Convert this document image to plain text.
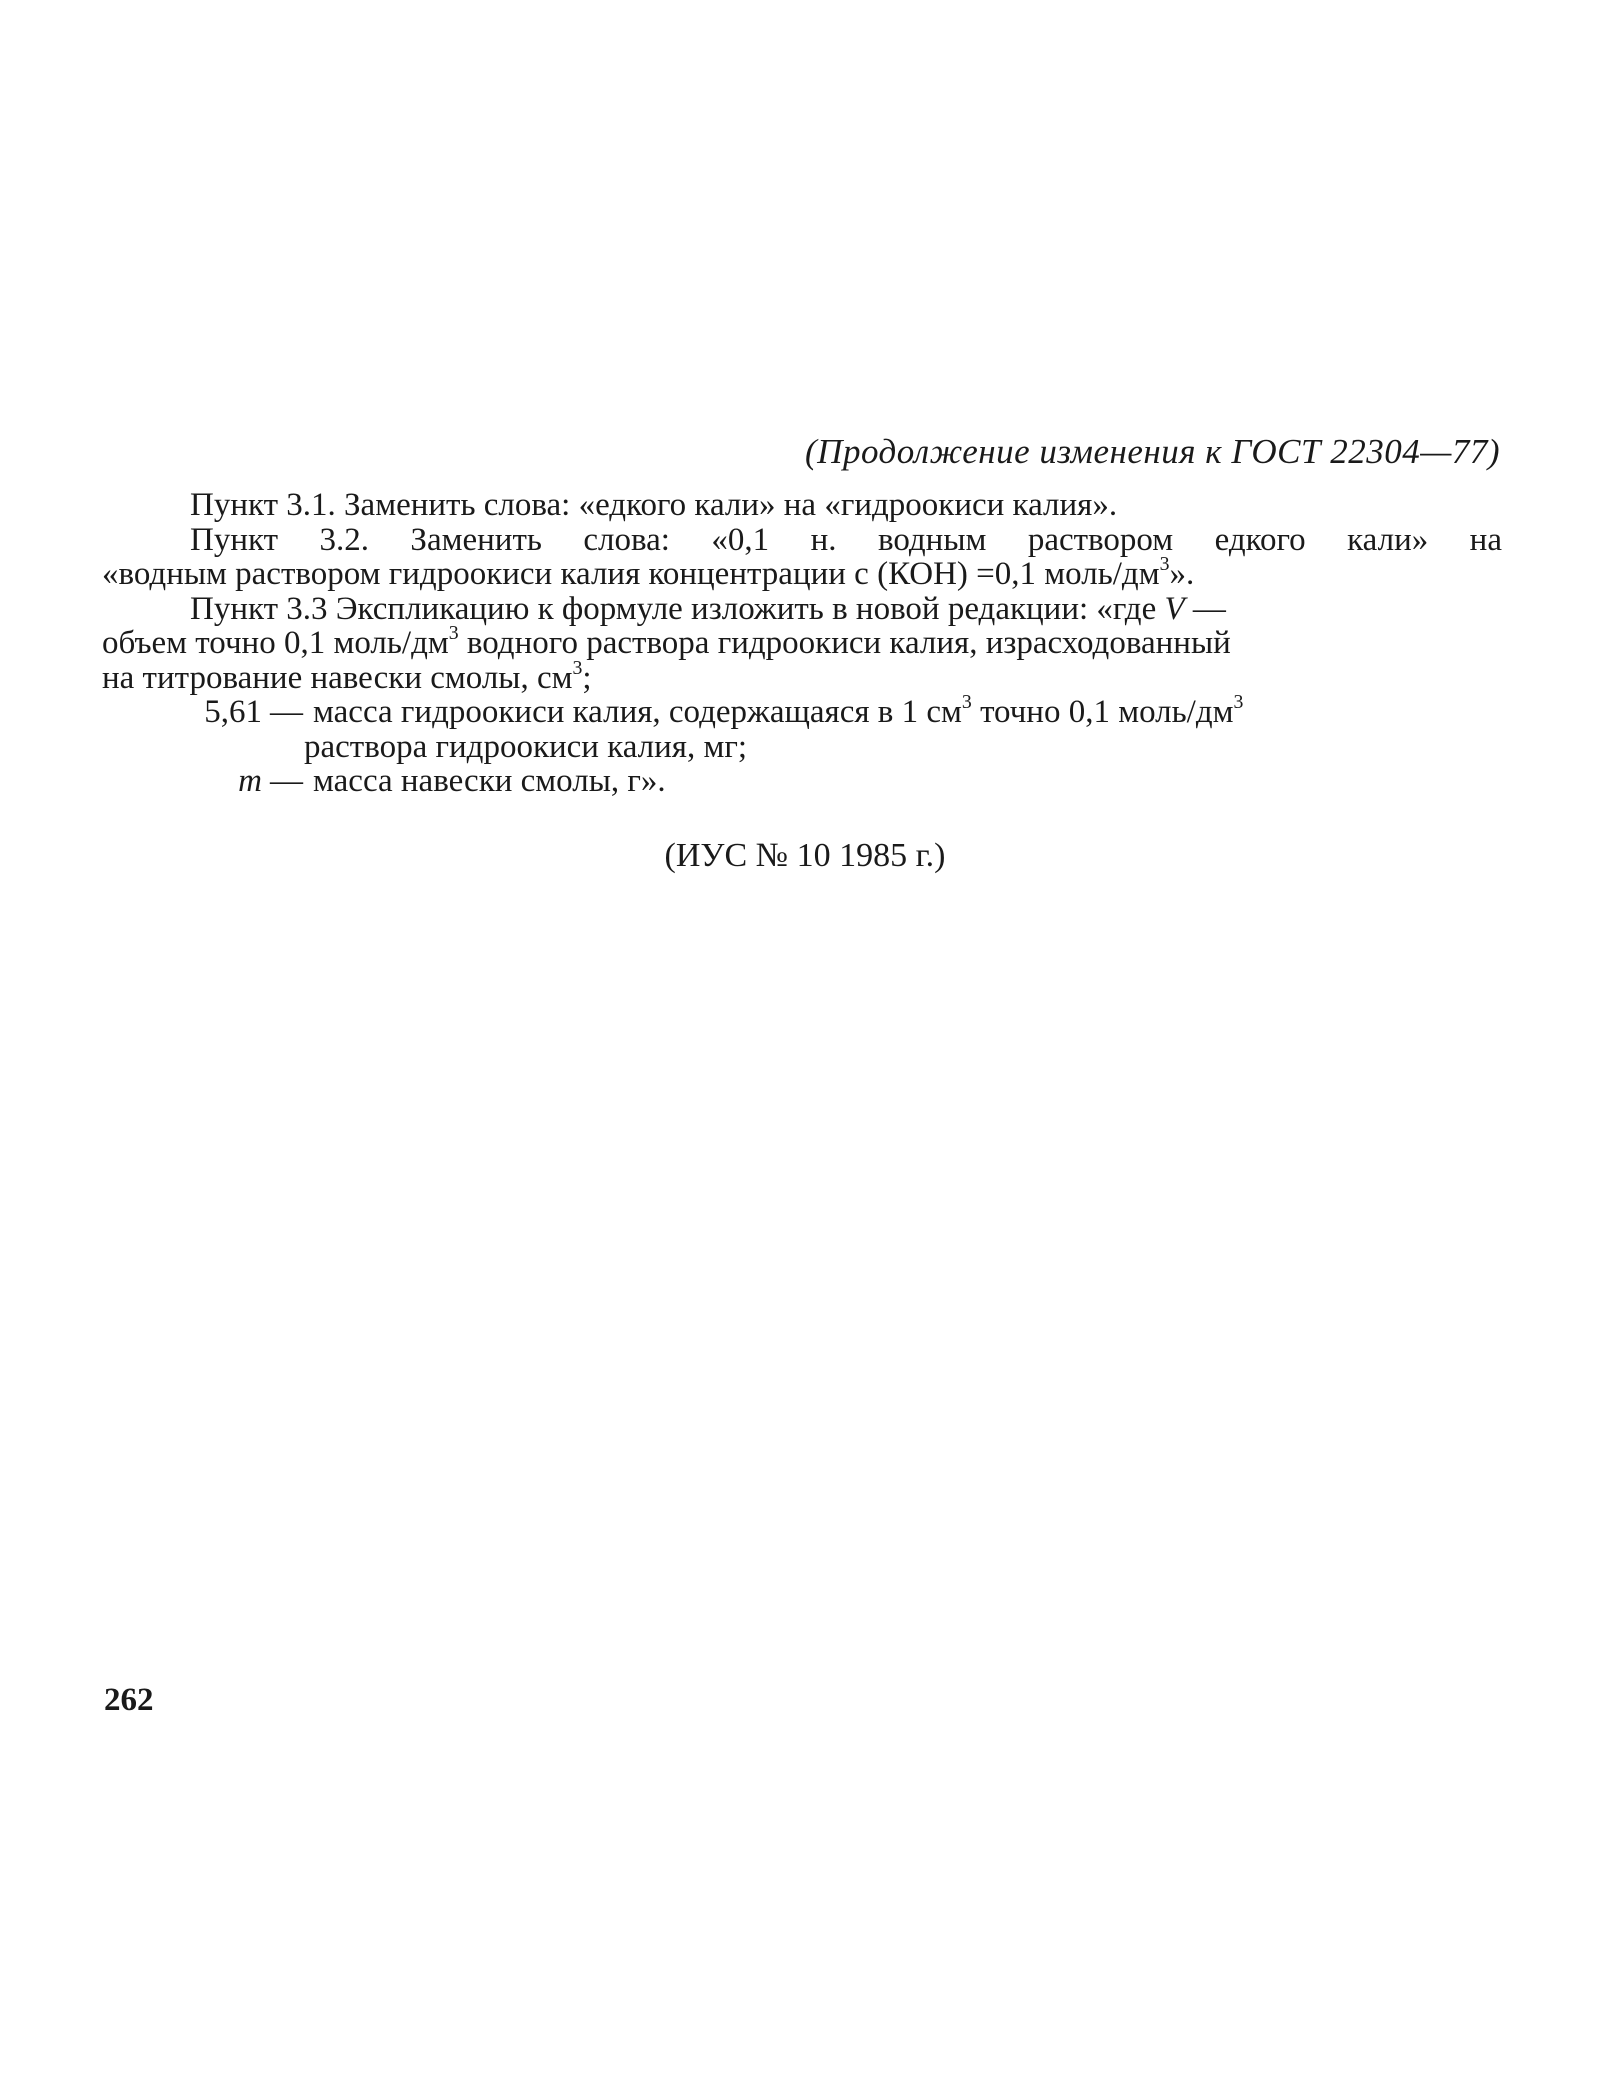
(Продолжение изменения к ГОСТ 22304—77)

Пункт 3.1. Заменить слова: «едкого кали» на «гидроокиси калия».

Пункт 3.2. Заменить слова: «0,1 н. водным раствором едкого кали» на
«водным раствором гидроокиси калия концентрации с (КОН) =0,1 моль/$дм^3$».

Пункт 3.3 Экспликацию к формуле изложить в новой редакции: «где V —
объем точно 0,1 моль/$дм^3$ водного раствора гидроокиси калия, израсходованный
на титрование навески смолы, $см^3$;

5,61 — масса гидроокиси калия, содержащаяся в 1 $см^3$ точно 0,1 моль/$дм^3$
раствора гидроокиси калия, мг;
m — масса навески смолы, г».
(ИУС № 10 1985 г.)
262
